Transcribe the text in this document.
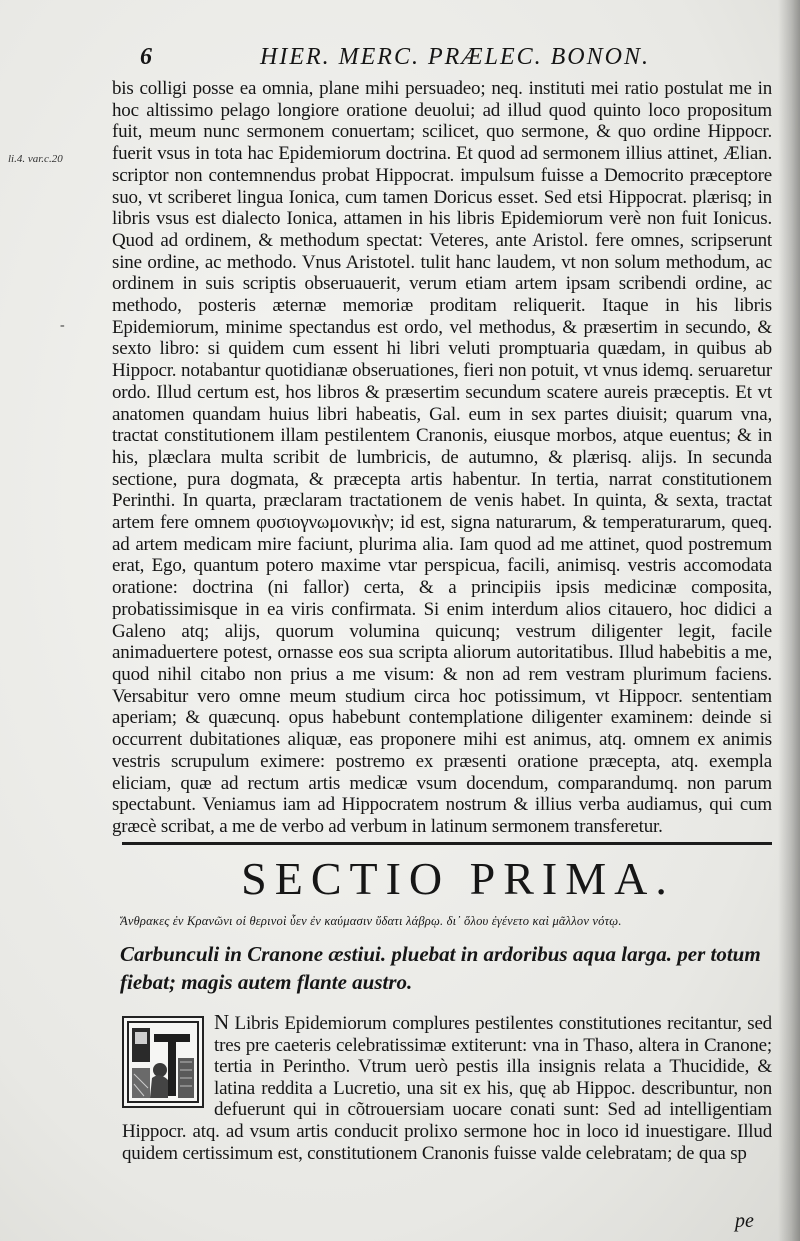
6	HIER. MERC. PRÆLEC. BONON.
li.4. var.c.20
-
bis colligi posse ea omnia, plane mihi persuadeo; neq. instituti mei ratio postulat me in hoc altissimo pelago longiore oratione deuolui; ad illud quod quinto loco propositum fuit, meum nunc sermonem conuertam; scilicet, quo sermone, & quo ordine Hippocr. fuerit vsus in tota hac Epidemiorum doctrina. Et quod ad sermonem illius attinet, Ælian. scriptor non contemnendus probat Hippocrat. impulsum fuisse a Democrito præceptore suo, vt scriberet lingua Ionica, cum tamen Doricus esset. Sed etsi Hippocrat. plærisq; in libris vsus est dialecto Ionica, attamen in his libris Epidemiorum verè non fuit Ionicus. Quod ad ordinem, & methodum spectat: Veteres, ante Aristol. fere omnes, scripserunt sine ordine, ac methodo. Vnus Aristotel. tulit hanc laudem, vt non solum methodum, ac ordinem in suis scriptis obseruauerit, verum etiam artem ipsam scribendi ordine, ac methodo, posteris æternæ memoriæ proditam reliquerit. Itaque in his libris Epidemiorum, minime spectandus est ordo, vel methodus, & præsertim in secundo, & sexto libro: si quidem cum essent hi libri veluti promptuaria quædam, in quibus ab Hippocr. notabantur quotidianæ obseruationes, fieri non potuit, vt vnus idemq. seruaretur ordo. Illud certum est, hos libros & præsertim secundum scatere aureis præceptis. Et vt anatomen quandam huius libri habeatis, Gal. eum in sex partes diuisit; quarum vna, tractat constitutionem illam pestilentem Cranonis, eiusque morbos, atque euentus; & in his, plæclara multa scribit de lumbricis, de autumno, & plærisq. alijs. In secunda sectione, pura dogmata, & præcepta artis habentur. In tertia, narrat constitutionem Perinthi. In quarta, præclaram tractationem de venis habet. In quinta, & sexta, tractat artem fere omnem φυσιογνωμονικὴν; id est, signa naturarum, & temperaturarum, queq. ad artem medicam mire faciunt, plurima alia. Iam quod ad me attinet, quod postremum erat, Ego, quantum potero maxime vtar perspicua, facili, animisq. vestris accomodata oratione: doctrina (ni fallor) certa, & a principiis ipsis medicinæ composita, probatissimisque in ea viris confirmata. Si enim interdum alios citauero, hoc didici a Galeno atq; alijs, quorum volumina quicunq; vestrum diligenter legit, facile animaduertere potest, ornasse eos sua scripta aliorum autoritatibus. Illud habebitis a me, quod nihil citabo non prius a me visum: & non ad rem vestram plurimum faciens. Versabitur vero omne meum studium circa hoc potissimum, vt Hippocr. sententiam aperiam; & quæcunq. opus habebunt contemplatione diligenter examinem: deinde si occurrent dubitationes aliquæ, eas proponere mihi est animus, atq. omnem ex animis vestris scrupulum eximere: postremo ex præsenti oratione præcepta, atq. exempla eliciam, quæ ad rectum artis medicæ vsum docendum, comparandumq. non parum spectabunt. Veniamus iam ad Hippocratem nostrum & illius verba audiamus, qui cum græcè scribat, a me de verbo ad verbum in latinum sermonem transferetur.
SECTIO PRIMA.
Ἄνθρακες ἐν Κρανῶνι οἱ θερινοὶ ὗεν ἐν καύμασιν ὕδατι λάβρῳ. δι᾽ ὅλου ἐγένετο καὶ μᾶλλον νότῳ.
Carbunculi in Cranone æstiui. pluebat in ardoribus aqua larga. per totum fiebat; magis autem flante austro.
N Libris Epidemiorum complures pestilentes constitutiones recitantur, sed tres pre caeteris celebratissimæ extiterunt: vna in Thaso, altera in Cranone; tertia in Perintho. Vtrum uerò pestis illa insignis relata a Thucidide, & latina reddita a Lucretio, una sit ex his, quę ab Hippoc. describuntur, non defuerunt qui in cõtrouersiam uocare conati sunt: Sed ad intelligentiam Hippocr. atq. ad vsum artis conducit prolixo sermone hoc in loco id inuestigare. Illud quidem certissimum est, constitutionem Cranonis fuisse valde celebratam; de qua sp
pe
